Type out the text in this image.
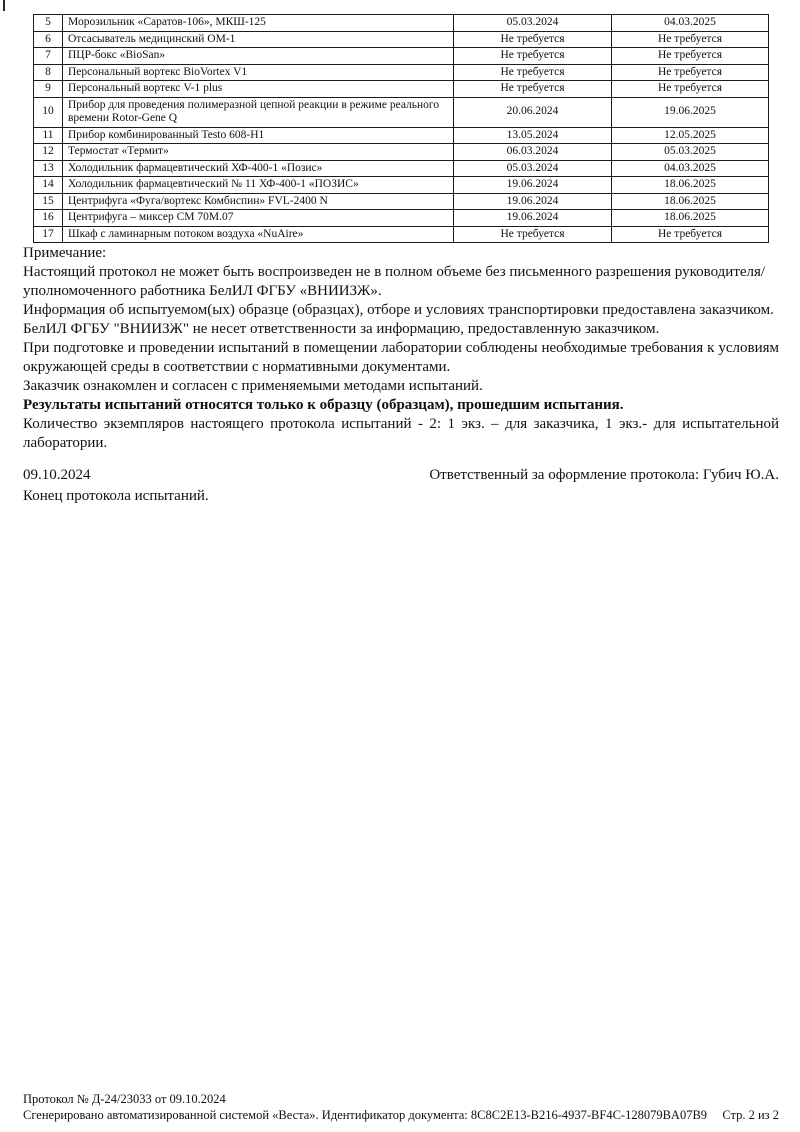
5	Морозильник «Саратов-106», МКШ-125	05.03.2024	04.03.2025
6	Отсасыватель медицинский ОМ-1	Не требуется	Не требуется
7	ПЦР-бокс «BioSan»	Не требуется	Не требуется
8	Персональный вортекс BioVortex V1	Не требуется	Не требуется
9	Персональный вортекс V-1 plus	Не требуется	Не требуется
10	Прибор для проведения полимеразной цепной реакции в режиме реального времени Rotor-Gene Q	20.06.2024	19.06.2025
11	Прибор комбинированный Testo 608-H1	13.05.2024	12.05.2025
12	Термостат «Термит»	06.03.2024	05.03.2025
13	Холодильник фармацевтический ХФ-400-1 «Позис»	05.03.2024	04.03.2025
14	Холодильник фармацевтический № 11 ХФ-400-1 «ПОЗИС»	19.06.2024	18.06.2025
15	Центрифуга «Фуга/вортекс Комбиспин» FVL-2400 N	19.06.2024	18.06.2025
16	Центрифуга – миксер СМ 70М.07	19.06.2024	18.06.2025
17	Шкаф с ламинарным потоком воздуха «NuAire»	Не требуется	Не требуется

Примечание:

Настоящий протокол не может быть воспроизведен не в полном объеме без письменного разрешения руководителя/уполномоченного работника БелИЛ ФГБУ «ВНИИЗЖ».

Информация об испытуемом(ых) образце (образцах), отборе и условиях транспортировки предоставлена заказчиком.

БелИЛ ФГБУ "ВНИИЗЖ" не несет ответственности за информацию, предоставленную заказчиком.

При подготовке и проведении испытаний в помещении лаборатории соблюдены необходимые требования к условиям окружающей среды в соответствии с нормативными документами.

Заказчик ознакомлен и согласен с применяемыми методами испытаний.

Результаты испытаний относятся только к образцу (образцам), прошедшим испытания.

Количество экземпляров настоящего протокола испытаний - 2: 1 экз. – для заказчика, 1 экз.- для испытательной лаборатории.

09.10.2024	Ответственный за оформление протокола: Губич Ю.А.

Конец протокола испытаний.

Протокол № Д-24/23033 от 09.10.2024
Сгенерировано автоматизированной системой «Веста». Идентификатор документа: 8C8C2E13-B216-4937-BF4C-128079BA07B9 Стр. 2 из 2
